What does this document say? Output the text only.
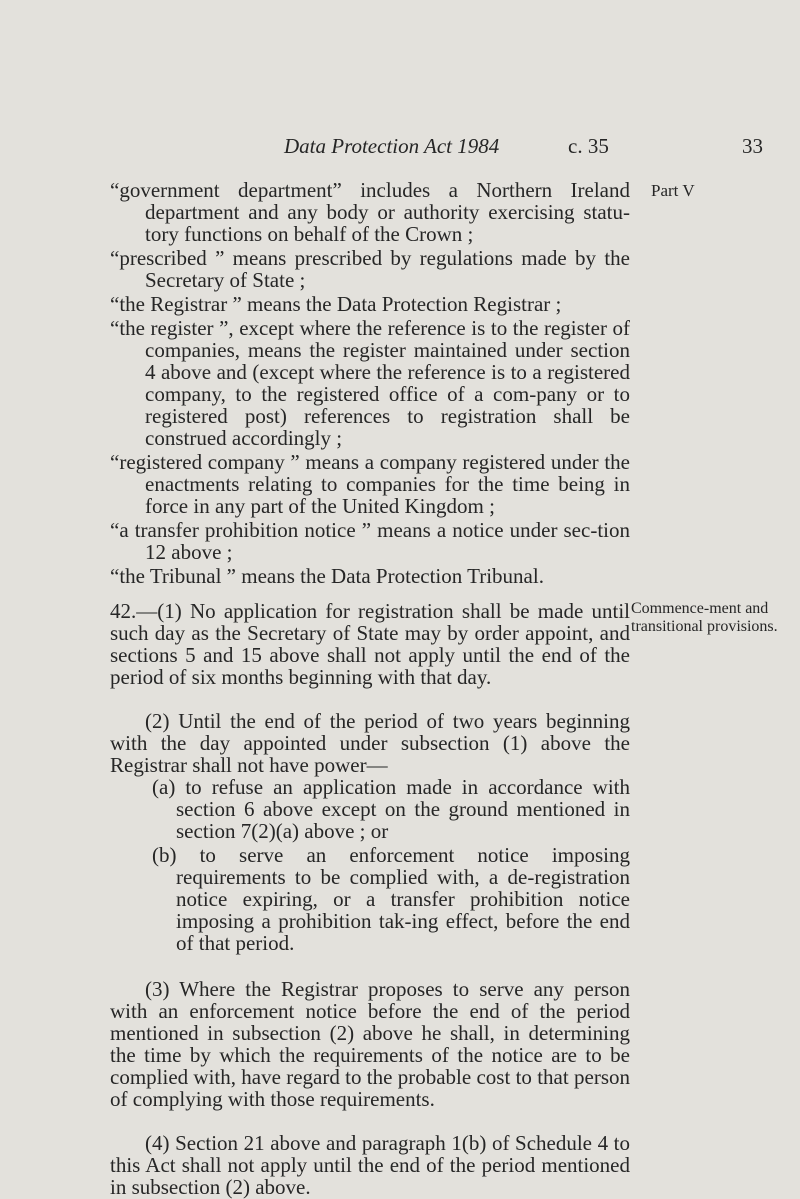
Data Protection Act 1984	c. 35	33
Part V

“government department” includes a Northern Ireland department and any body or authority exercising statu-tory functions on behalf of the Crown ;

“prescribed ” means prescribed by regulations made by the Secretary of State ;

“the Registrar ” means the Data Protection Registrar ;

“the register ”, except where the reference is to the register of companies, means the register maintained under section 4 above and (except where the reference is to a registered company, to the registered office of a com-pany or to registered post) references to registration shall be construed accordingly ;

“registered company ” means a company registered under the enactments relating to companies for the time being in force in any part of the United Kingdom ;

“a transfer prohibition notice ” means a notice under sec-tion 12 above ;

“the Tribunal ” means the Data Protection Tribunal.

Commence-ment and transitional provisions.

42.—(1) No application for registration shall be made until such day as the Secretary of State may by order appoint, and sections 5 and 15 above shall not apply until the end of the period of six months beginning with that day.

(2) Until the end of the period of two years beginning with the day appointed under subsection (1) above the Registrar shall not have power—

(a) to refuse an application made in accordance with section 6 above except on the ground mentioned in section 7(2)(a) above ; or

(b) to serve an enforcement notice imposing requirements to be complied with, a de-registration notice expiring, or a transfer prohibition notice imposing a prohibition tak-ing effect, before the end of that period.

(3) Where the Registrar proposes to serve any person with an enforcement notice before the end of the period mentioned in subsection (2) above he shall, in determining the time by which the requirements of the notice are to be complied with, have regard to the probable cost to that person of complying with those requirements.

(4) Section 21 above and paragraph 1(b) of Schedule 4 to this Act shall not apply until the end of the period mentioned in subsection (2) above.
